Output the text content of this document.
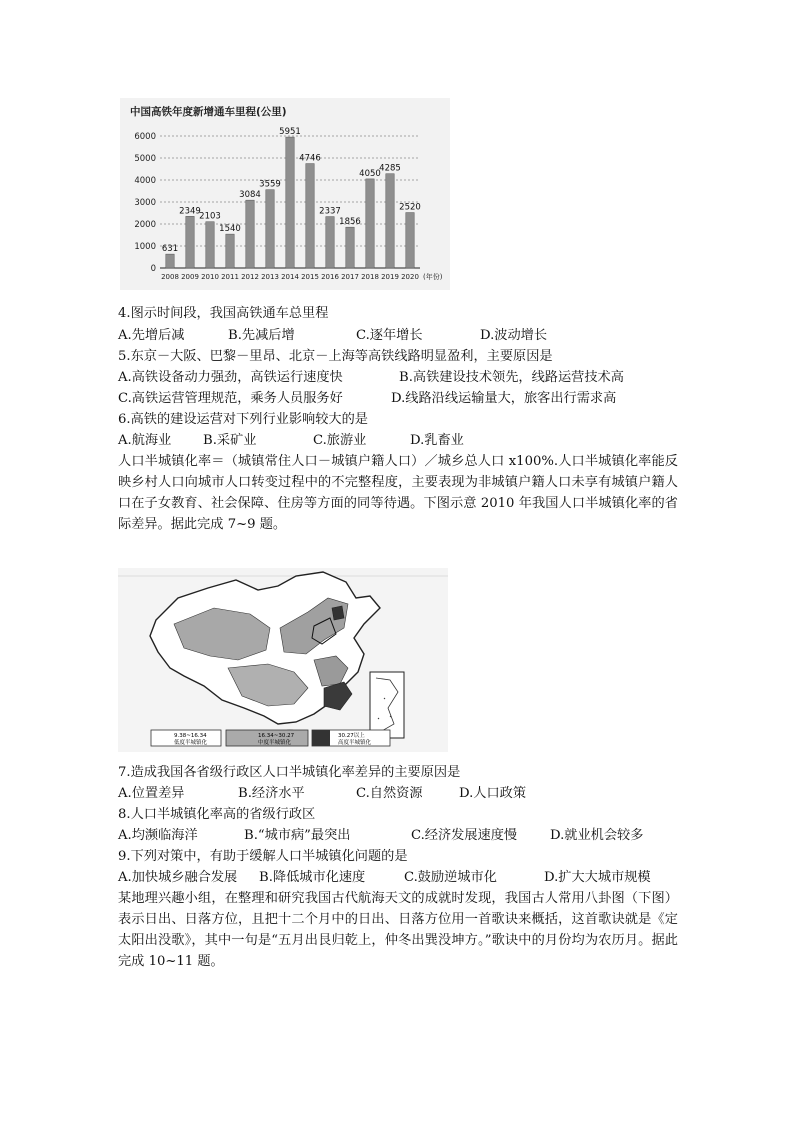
中国高铁年度新增通车里程(公里)
0
1000
2000
3000
4000
5000
6000
631
2008
2349
2009
2103
2010
1540
2011
3084
2012
3559
2013
5951
2014
4746
2015
2337
2016
1856
2017
4050
2018
4285
2019
2520
2020 (年份)
4.图示时间段，我国高铁通车总里程
A.先增后减	B.先减后增	C.逐年增长	D.波动增长
5.东京－大阪、巴黎－里昂、北京－上海等高铁线路明显盈利，主要原因是
A.高铁设备动力强劲，高铁运行速度快	B.高铁建设技术领先，线路运营技术高
C.高铁运营管理规范，乘务人员服务好	D.线路沿线运输量大，旅客出行需求高
6.高铁的建设运营对下列行业影响较大的是
A.航海业 B.采矿业	C.旅游业	D.乳畜业
人口半城镇化率＝（城镇常住人口－城镇户籍人口）／城乡总人口 x100%.人口半城镇化率能反映乡村人口向城市人口转变过程中的不完整程度，主要表现为非城镇户籍人口未享有城镇户籍人口在子女教育、社会保障、住房等方面的同等待遇。下图示意 2010 年我国人口半城镇化率的省际差异。据此完成 7~9 题。
9.38~16.34
低度半城镇化
16.34~30.27
中度半城镇化
30.27以上
高度半城镇化
7.造成我国各省级行政区人口半城镇化率差异的主要原因是
A.位置差异	B.经济水平	C.自然资源	D.人口政策
8.人口半城镇化率高的省级行政区
A.均濒临海洋	B.“城市病”最突出	C.经济发展速度慢 D.就业机会较多
9.下列对策中，有助于缓解人口半城镇化问题的是
A.加快城乡融合发展 B.降低城市化速度	C.鼓励逆城市化	D.扩大大城市规模
某地理兴趣小组，在整理和研究我国古代航海天文的成就时发现，我国古人常用八卦图（下图）表示日出、日落方位，且把十二个月中的日出、日落方位用一首歌诀来概括，这首歌诀就是《定太阳出没歌》，其中一句是“五月出艮归乾上，仲冬出巽没坤方。”歌诀中的月份均为农历月。据此完成 10~11 题。
